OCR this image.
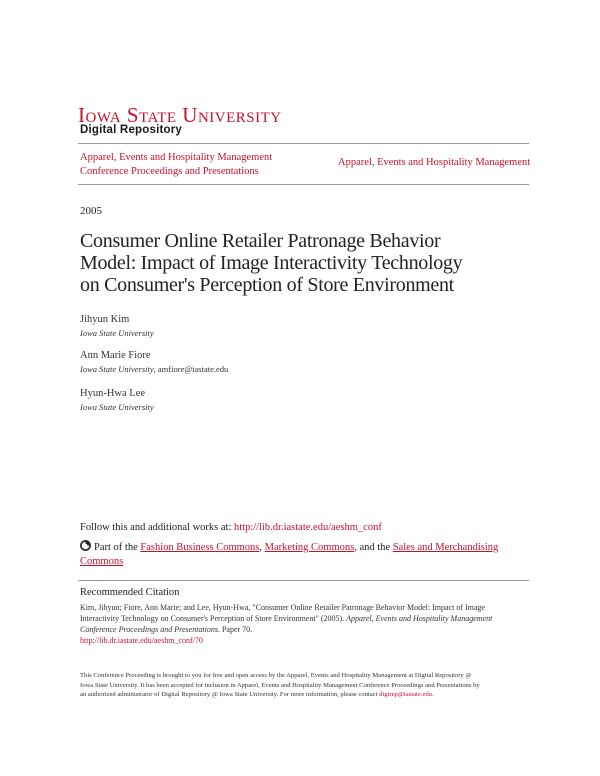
Iowa State University
Digital Repository
Apparel, Events and Hospitality Management
Conference Proceedings and Presentations
Apparel, Events and Hospitality Management
2005
Consumer Online Retailer Patronage Behavior
Model: Impact of Image Interactivity Technology
on Consumer's Perception of Store Environment
Jihyun Kim
Iowa State University
Ann Marie Fiore
Iowa State University, amfiore@iastate.edu
Hyun-Hwa Lee
Iowa State University
Follow this and additional works at: http://lib.dr.iastate.edu/aeshm_conf
Part of the Fashion Business Commons, Marketing Commons, and the Sales and Merchandising
Commons
Recommended Citation
Kim, Jihyun; Fiore, Ann Marie; and Lee, Hyun-Hwa, "Consumer Online Retailer Patronage Behavior Model: Impact of Image
Interactivity Technology on Consumer's Perception of Store Environment" (2005). Apparel, Events and Hospitality Management
Conference Proceedings and Presentations. Paper 70.
http://lib.dr.iastate.edu/aeshm_conf/70
This Conference Proceeding is brought to you for free and open access by the Apparel, Events and Hospitality Management at Digital Repository @
Iowa State University. It has been accepted for inclusion in Apparel, Events and Hospitality Management Conference Proceedings and Presentations by
an authorized administrator of Digital Repository @ Iowa State University. For more information, please contact digirep@iastate.edu.
